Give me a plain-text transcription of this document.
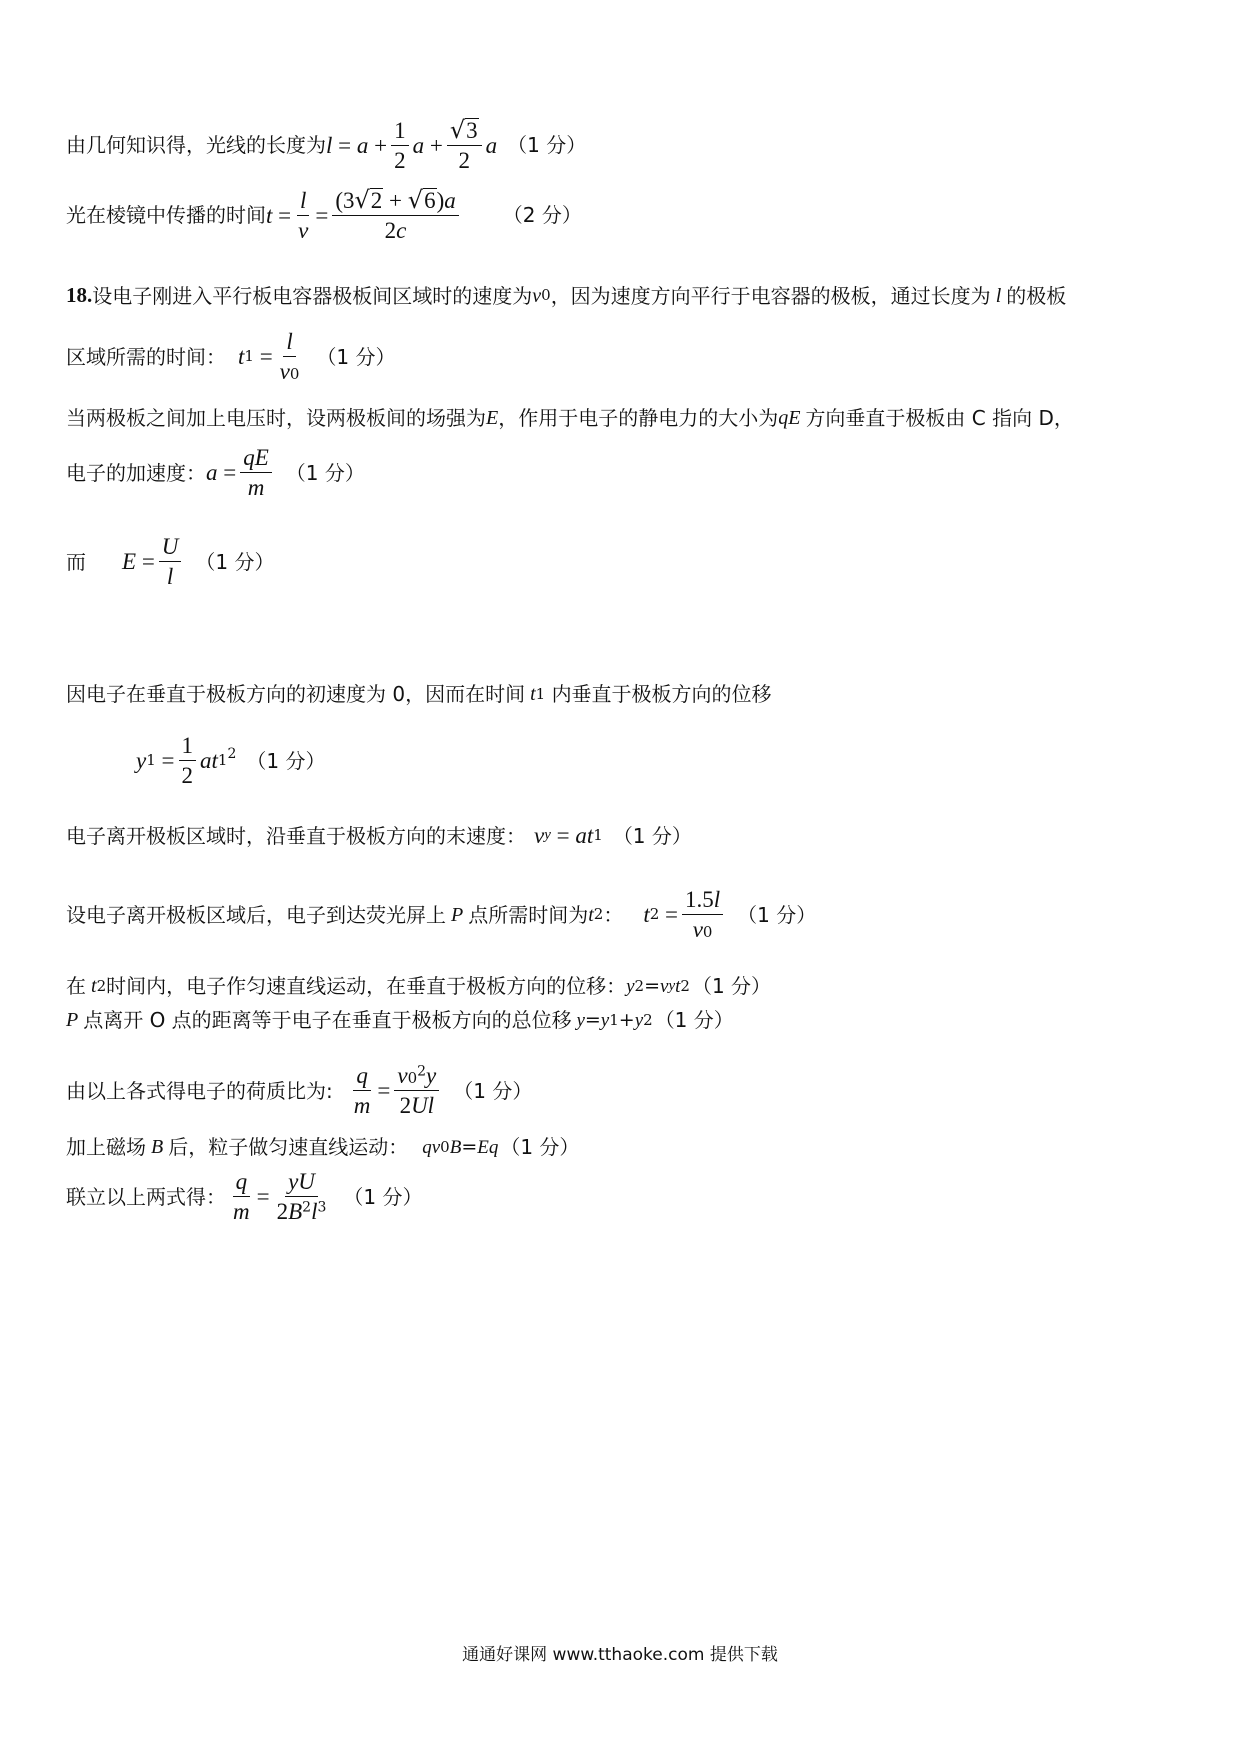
由几何知识得，光线的长度为 $l = a + \frac{1}{2}$ $a + \frac{√ 3}{2}$ a （1 分）
光在棱镜中传播的时间 $t = \frac{l}{v} = \frac{(3 √ 2 + √ 6 )a}{2c} (2$ 分）
18. 设电子刚进入平行板电容器极板间区域时的速度为 v 0 ，因为速度方向平行于电容器的极板，通过长度为 l 的极板
区域所需的时间： t $1 = \frac{l}{v0} (1$ 分）
当两极板之间加上电压时，设两极板间的场强为 E ，作用于电子的静电力的大小为 qE 方向垂直于极板由 C 指向 D，
电子的加速度： $a = \frac{qE}{m} (1$ 分）
而 $E = \frac{U}{l} (1$ 分）
因电子在垂直于极板方向的初速度为 0，因而在时间 t 1
内垂直于极板方向的位移
y $1 = \frac{1}{2}$ at $1^2$ （1 分）
电子离开极板区域时，沿垂直于极板方向的末速度： v y = at 1 （1 分）
设电子离开极板区域后，电子到达荧光屏上 P 点所需时间为 t 2 ： t $2 = \frac{1.5l}{v0} (1$ 分）
在 t 2 时间内，电子作匀速直线运动，在垂直于极板方向的位移： y 2 = v y t 2 （1 分）
P 点离开 O 点的距离等于电子在垂直于极板方向的总位移 y = y 1 + y 2 （1 分）
由以上各式得电子的荷质比为: $\frac{q}{m} = \frac{v0^2y}{2Ul} (1$ 分）
加上磁场 B 后，粒子做匀速直线运动： qv 0 B = Eq （1 分）
联立以上两式得： $\frac{q}{m} = \frac{yU}{2B^2l^3} (1$ 分）
通通好课网 www.tthaoke.com 提供下载
